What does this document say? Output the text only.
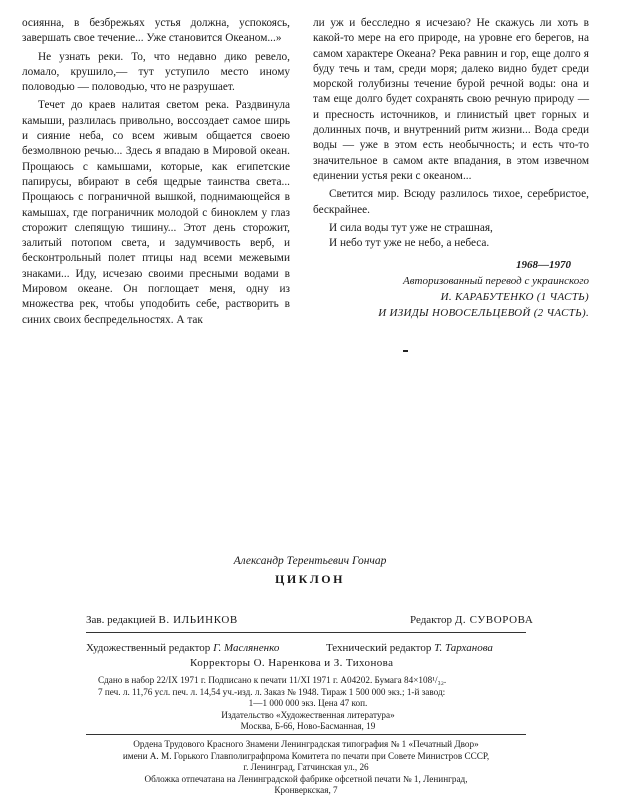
осиянна, в безбрежьях устья должна, успокоясь, завершать свое течение... Уже становится Океаном...»

Не узнать реки. То, что недавно дико ревело, ломало, крушило,— тут уступило место иному половодью — половодью, что не разрушает.

Течет до краев налитая светом река. Раздвинула камыши, разлилась привольно, воссоздает самое ширь и сияние неба, со всем живым общается своею безмолвною речью... Здесь я впадаю в Мировой океан. Прощаюсь с камышами, которые, как египетские папирусы, вбирают в себя щедрые таинства света... Прощаюсь с пограничной вышкой, поднимающейся в камышах, где пограничник молодой с биноклем у глаз сторожит слепящую тишину... Этот день сторожит, залитый потопом света, и задумчивость верб, и бесконтрольный полет птицы над всеми межевыми знаками... Иду, исчезаю своими пресными водами в Мировом океане. Он поглощает меня, одну из множества рек, чтобы уподобить себе, растворить в синих своих беспредельностях. А так

ли уж и бесследно я исчезаю? Не скажусь ли хоть в какой-то мере на его природе, на уровне его берегов, на самом характере Океана? Река равнин и гор, еще долго я буду течь и там, среди моря; далеко видно будет среди морской голубизны течение бурой речной воды: она и там еще долго будет сохранять свою речную природу — и пресность источников, и глинистый цвет горных и долинных почв, и внутренний ритм жизни... Вода среди воды — уже в этом есть необычность; и есть что-то значительное в самом акте впадания, в этом извечном единении устья реки с океаном...

Светится мир. Всюду разлилось тихое, серебристое, бескрайнее.

И сила воды тут уже не страшная,

И небо тут уже не небо, а небеса.

1968—1970
Авторизованный перевод с украинского
И. КАРАБУТЕНКО (1 ЧАСТЬ)
И ИЗИДЫ НОВОСЕЛЬЦЕВОЙ (2 ЧАСТЬ).

Александр Терентьевич Гончар

ЦИКЛОН
Зав. редакцией В. ИЛЬИНКОВ	Редактор Д. СУВОРОВА
Художественный редактор Г. Масляненко	Технический редактор Т. Тарханова
Корректоры О. Наренкова и З. Тихонова
Сдано в набор 22/IX 1971 г. Подписано к печати 11/XI 1971 г. А04202. Бумага 84×108¹/₃₂.
7 печ. л. 11,76 усл. печ. л. 14,54 уч.-изд. л. Заказ № 1948. Тираж 1 500 000 экз.; 1-й завод:
1—1 000 000 экз. Цена 47 коп.
Издательство «Художественная литература»
Москва, Б-66, Ново-Басманная, 19
Ордена Трудового Красного Знамени Ленинградская типография № 1 «Печатный Двор»
имени А. М. Горького Главполиграфпрома Комитета по печати при Совете Министров СССР,
г. Ленинград, Гатчинская ул., 26
Обложка отпечатана на Ленинградской фабрике офсетной печати № 1, Ленинград,
Кронверкская, 7
